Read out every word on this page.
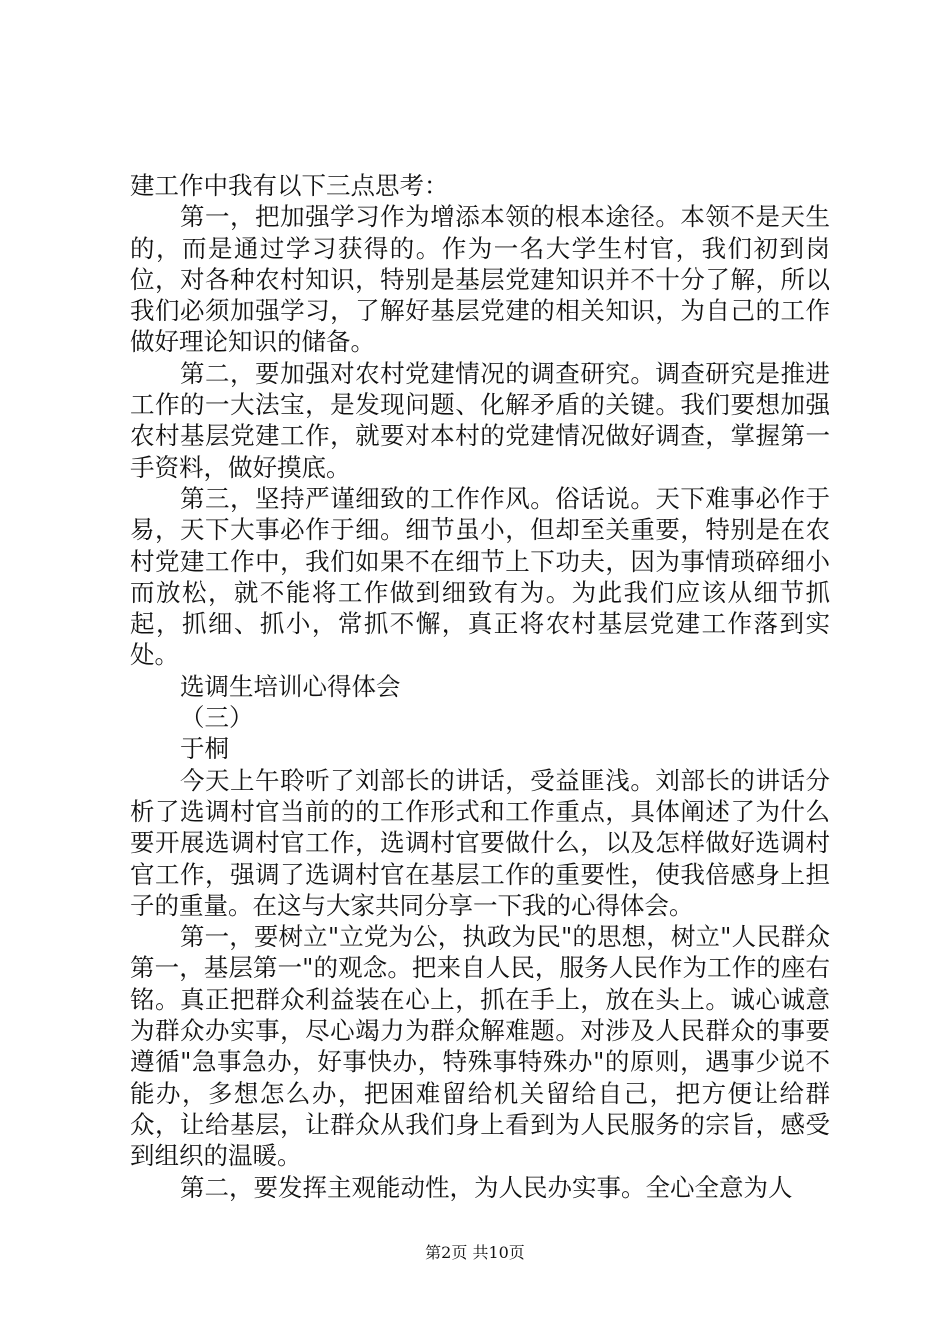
建工作中我有以下三点思考：

第一，把加强学习作为增添本领的根本途径。本领不是天生的，而是通过学习获得的。作为一名大学生村官，我们初到岗位，对各种农村知识，特别是基层党建知识并不十分了解，所以我们必须加强学习，了解好基层党建的相关知识，为自己的工作做好理论知识的储备。

第二，要加强对农村党建情况的调查研究。调查研究是推进工作的一大法宝，是发现问题、化解矛盾的关键。我们要想加强农村基层党建工作，就要对本村的党建情况做好调查，掌握第一手资料，做好摸底。

第三，坚持严谨细致的工作作风。俗话说。天下难事必作于易，天下大事必作于细。细节虽小，但却至关重要，特别是在农村党建工作中，我们如果不在细节上下功夫，因为事情琐碎细小而放松，就不能将工作做到细致有为。为此我们应该从细节抓起，抓细、抓小，常抓不懈，真正将农村基层党建工作落到实处。

选调生培训心得体会

（三）

于桐

今天上午聆听了刘部长的讲话，受益匪浅。刘部长的讲话分析了选调村官当前的的工作形式和工作重点，具体阐述了为什么要开展选调村官工作，选调村官要做什么，以及怎样做好选调村官工作，强调了选调村官在基层工作的重要性，使我倍感身上担子的重量。在这与大家共同分享一下我的心得体会。

第一，要树立"立党为公，执政为民"的思想，树立"人民群众第一，基层第一"的观念。把来自人民，服务人民作为工作的座右铭。真正把群众利益装在心上，抓在手上，放在头上。诚心诚意为群众办实事，尽心竭力为群众解难题。对涉及人民群众的事要遵循"急事急办，好事快办，特殊事特殊办"的原则，遇事少说不能办，多想怎么办，把困难留给机关留给自己，把方便让给群众，让给基层，让群众从我们身上看到为人民服务的宗旨，感受到组织的温暖。

第二，要发挥主观能动性，为人民办实事。全心全意为人

第2页 共10页
